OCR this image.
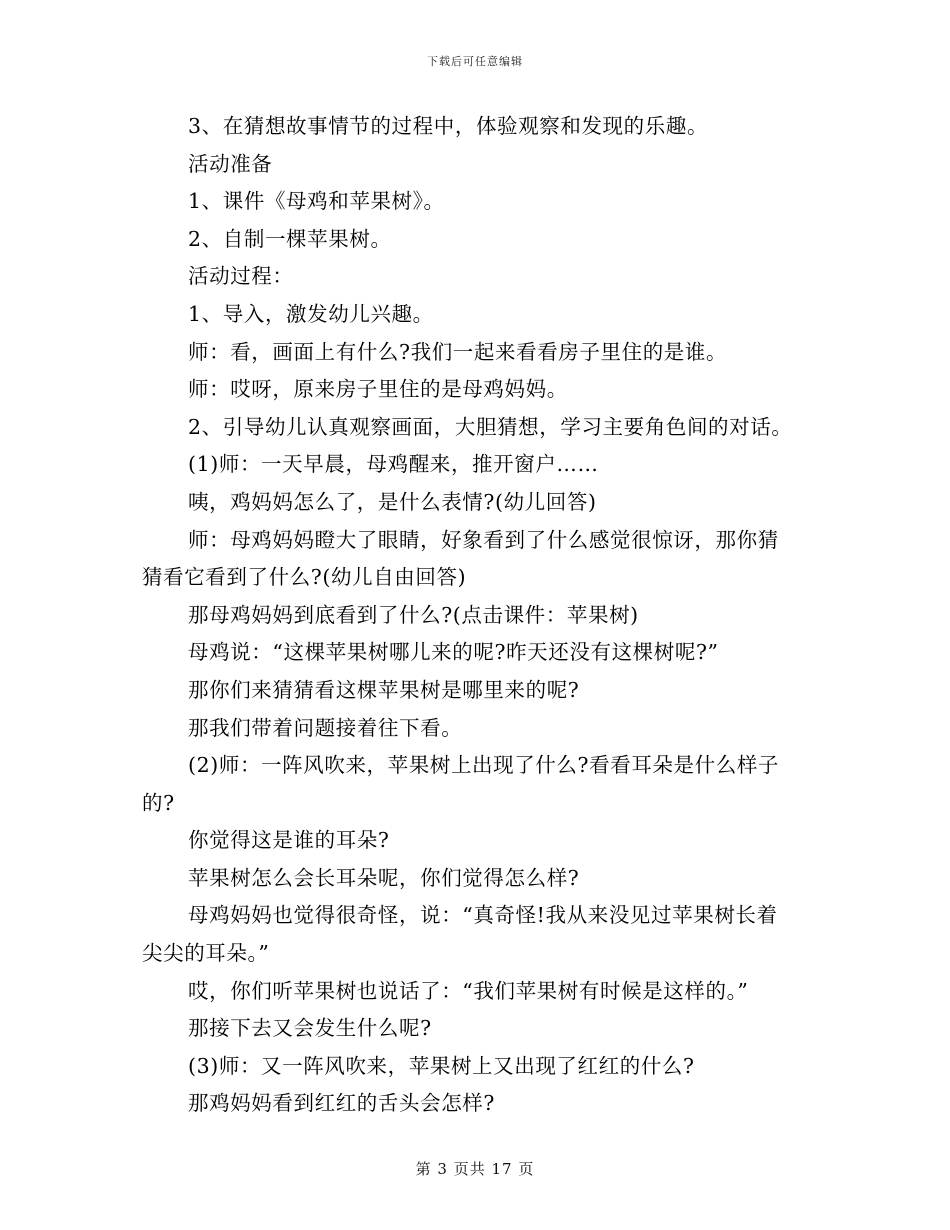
下载后可任意编辑
3、在猜想故事情节的过程中，体验观察和发现的乐趣。
活动准备
1、课件《母鸡和苹果树》。
2、自制一棵苹果树。
活动过程：
1、导入，激发幼儿兴趣。
师：看，画面上有什么?我们一起来看看房子里住的是谁。
师：哎呀，原来房子里住的是母鸡妈妈。
2、引导幼儿认真观察画面，大胆猜想，学习主要角色间的对话。
(1)师：一天早晨，母鸡醒来，推开窗户……
咦，鸡妈妈怎么了，是什么表情?(幼儿回答)
师：母鸡妈妈瞪大了眼睛，好象看到了什么感觉很惊讶，那你猜
猜看它看到了什么?(幼儿自由回答)
那母鸡妈妈到底看到了什么?(点击课件：苹果树)
母鸡说：“这棵苹果树哪儿来的呢?昨天还没有这棵树呢?”
那你们来猜猜看这棵苹果树是哪里来的呢?
那我们带着问题接着往下看。
(2)师：一阵风吹来，苹果树上出现了什么?看看耳朵是什么样子
的?
你觉得这是谁的耳朵?
苹果树怎么会长耳朵呢，你们觉得怎么样?
母鸡妈妈也觉得很奇怪，说：“真奇怪!我从来没见过苹果树长着
尖尖的耳朵。”
哎，你们听苹果树也说话了：“我们苹果树有时候是这样的。”
那接下去又会发生什么呢?
(3)师：又一阵风吹来，苹果树上又出现了红红的什么?
那鸡妈妈看到红红的舌头会怎样?
第 3 页共 17 页
